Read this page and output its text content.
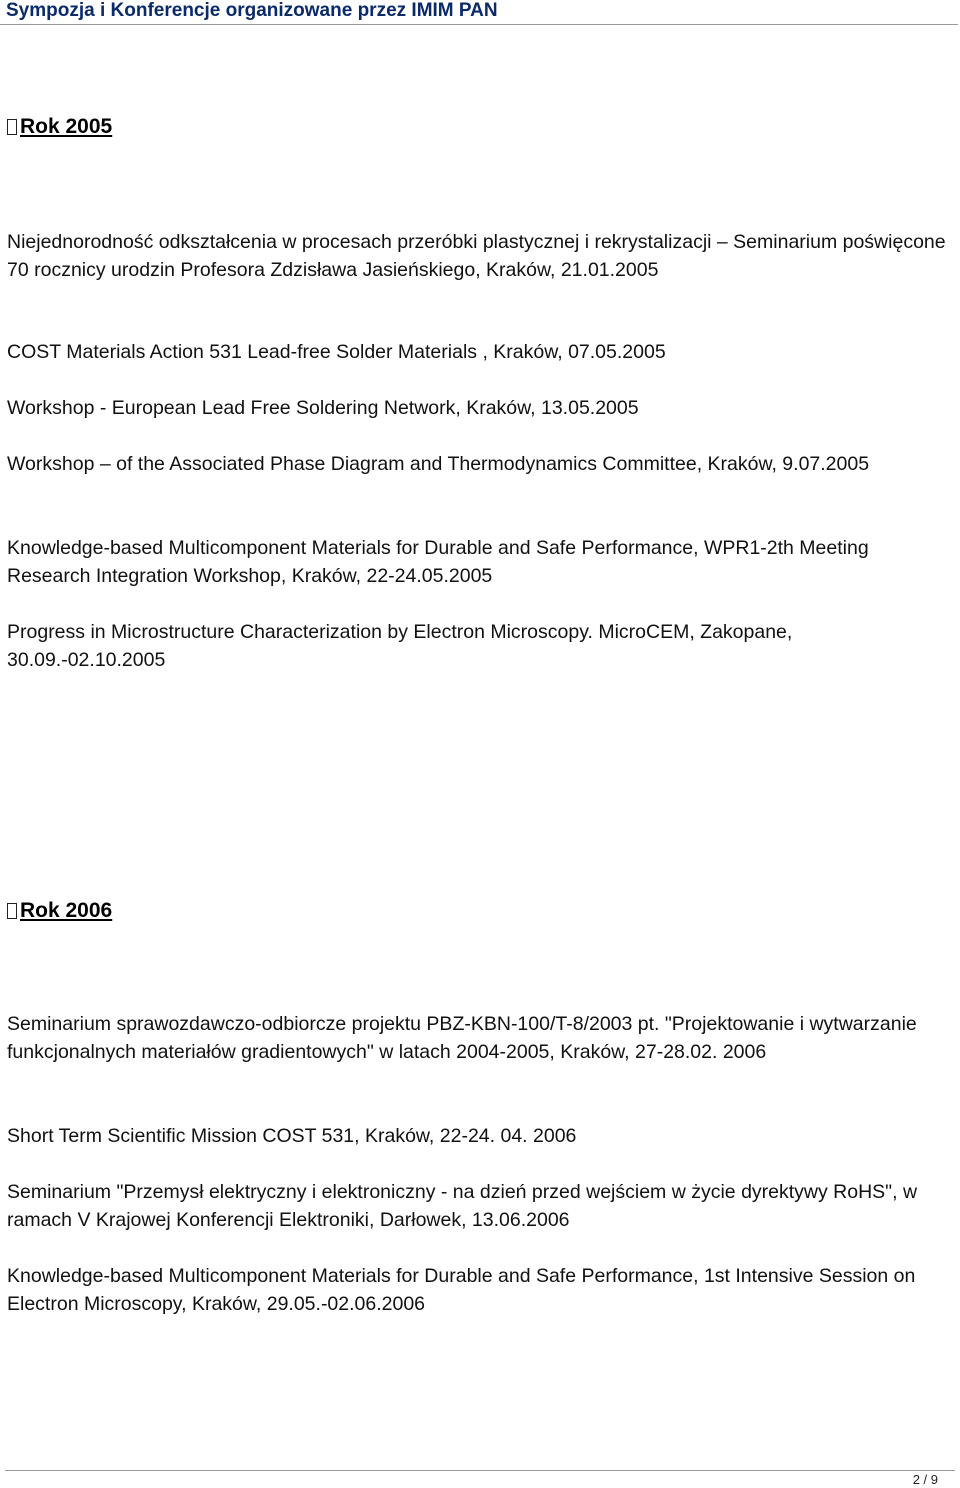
Sympozja i Konferencje organizowane przez IMIM PAN
Rok 2005
Niejednorodność odkształcenia w procesach przeróbki plastycznej i rekrystalizacji – Seminarium poświęcone 70 rocznicy urodzin Profesora Zdzisława Jasieńskiego, Kraków, 21.01.2005
COST Materials Action 531 Lead-free Solder Materials , Kraków, 07.05.2005
Workshop - European Lead Free Soldering Network, Kraków, 13.05.2005
Workshop – of the Associated Phase Diagram and Thermodynamics Committee, Kraków, 9.07.2005
Knowledge-based Multicomponent Materials for Durable and Safe Performance, WPR1-2th Meeting Research Integration Workshop, Kraków, 22-24.05.2005
Progress in Microstructure Characterization by Electron Microscopy. MicroCEM, Zakopane, 30.09.-02.10.2005
Rok 2006
Seminarium sprawozdawczo-odbiorcze projektu PBZ-KBN-100/T-8/2003 pt. "Projektowanie i wytwarzanie funkcjonalnych materiałów gradientowych" w latach 2004-2005, Kraków, 27-28.02. 2006
Short Term Scientific Mission COST 531, Kraków, 22-24. 04. 2006
Seminarium "Przemysł elektryczny i elektroniczny - na dzień przed wejściem w życie dyrektywy RoHS", w ramach V Krajowej Konferencji Elektroniki, Darłowek, 13.06.2006
Knowledge-based Multicomponent Materials for Durable and Safe Performance, 1st Intensive Session on Electron Microscopy, Kraków, 29.05.-02.06.2006
2 / 9
